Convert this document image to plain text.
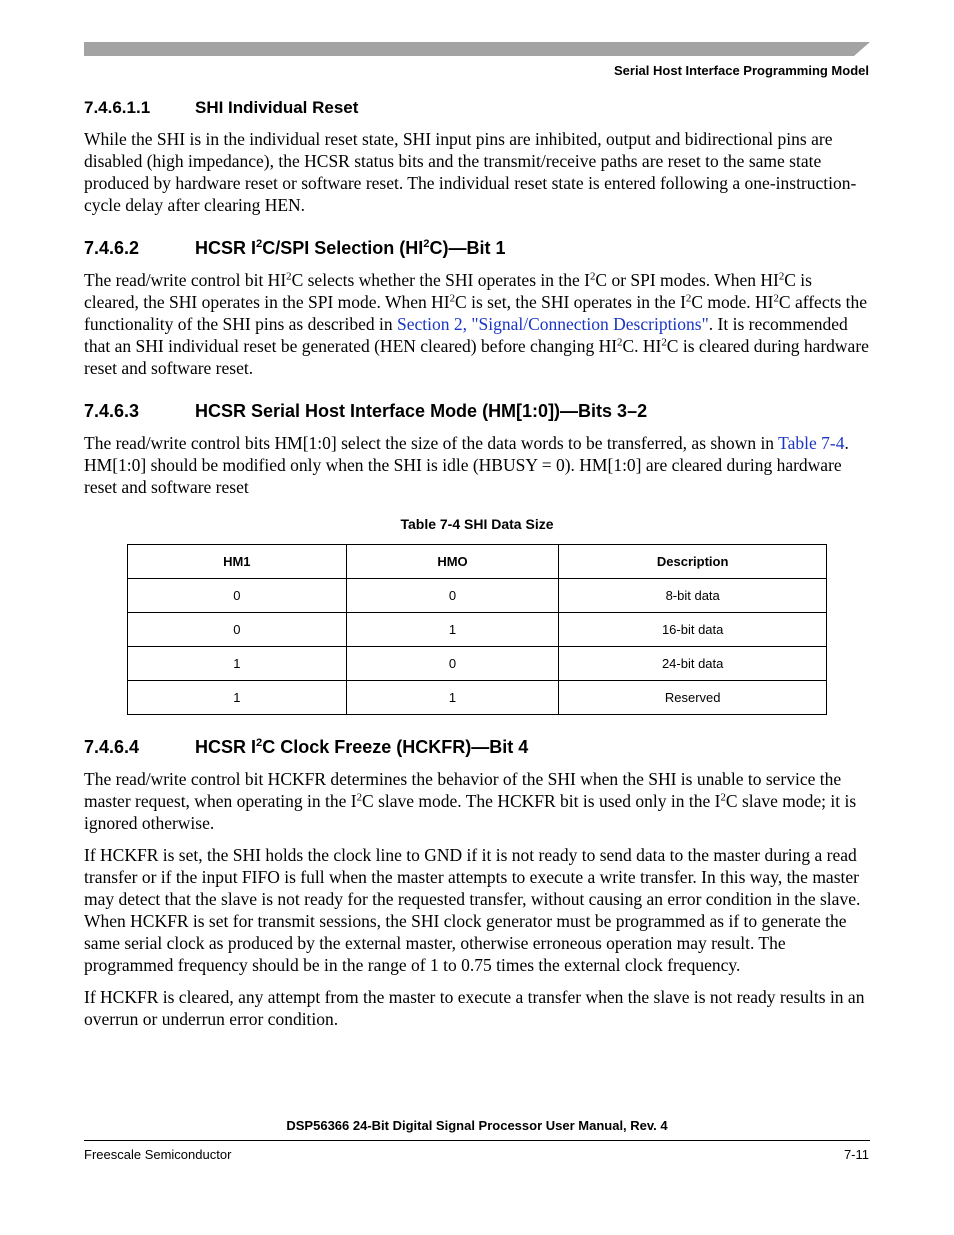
Serial Host Interface Programming Model
7.4.6.1.1	SHI Individual Reset

While the SHI is in the individual reset state, SHI input pins are inhibited, output and bidirectional pins are disabled (high impedance), the HCSR status bits and the transmit/receive paths are reset to the same state produced by hardware reset or software reset. The individual reset state is entered following a one-instruction-cycle delay after clearing HEN.

7.4.6.2	HCSR $I^2C$/SPI Selection $(HI^2C)—Bit$ 1

The read/write control bit $HI^2C$ selects whether the SHI operates in the $I^2C$ or SPI modes. When $HI^2C$ is cleared, the SHI operates in the SPI mode. When $HI^2C$ is set, the SHI operates in the $I^2C$ mode. $HI^2C$ affects the functionality of the SHI pins as described in Section 2, "Signal/Connection Descriptions". It is recommended that an SHI individual reset be generated (HEN cleared) before changing $HI^2C$. $HI^2C$ is cleared during hardware reset and software reset.

7.4.6.3	HCSR Serial Host Interface Mode (HM[1:0])—Bits 3–2

The read/write control bits HM[1:0] select the size of the data words to be transferred, as shown in Table 7-4. HM[1:0] should be modified only when the SHI is idle (HBUSY = 0). HM[1:0] are cleared during hardware reset and software reset

Table 7-4 SHI Data Size
HM1	HMO	Description
0	0	8-bit data
0	1	16-bit data
1	0	24-bit data
1	1	Reserved
7.4.6.4	HCSR $I^2C$ Clock Freeze (HCKFR)—Bit 4

The read/write control bit HCKFR determines the behavior of the SHI when the SHI is unable to service the master request, when operating in the $I^2C$ slave mode. The HCKFR bit is used only in the $I^2C$ slave mode; it is ignored otherwise.

If HCKFR is set, the SHI holds the clock line to GND if it is not ready to send data to the master during a read transfer or if the input FIFO is full when the master attempts to execute a write transfer. In this way, the master may detect that the slave is not ready for the requested transfer, without causing an error condition in the slave. When HCKFR is set for transmit sessions, the SHI clock generator must be programmed as if to generate the same serial clock as produced by the external master, otherwise erroneous operation may result. The programmed frequency should be in the range of 1 to 0.75 times the external clock frequency.

If HCKFR is cleared, any attempt from the master to execute a transfer when the slave is not ready results in an overrun or underrun error condition.

DSP56366 24-Bit Digital Signal Processor User Manual, Rev. 4
Freescale Semiconductor	7-11
